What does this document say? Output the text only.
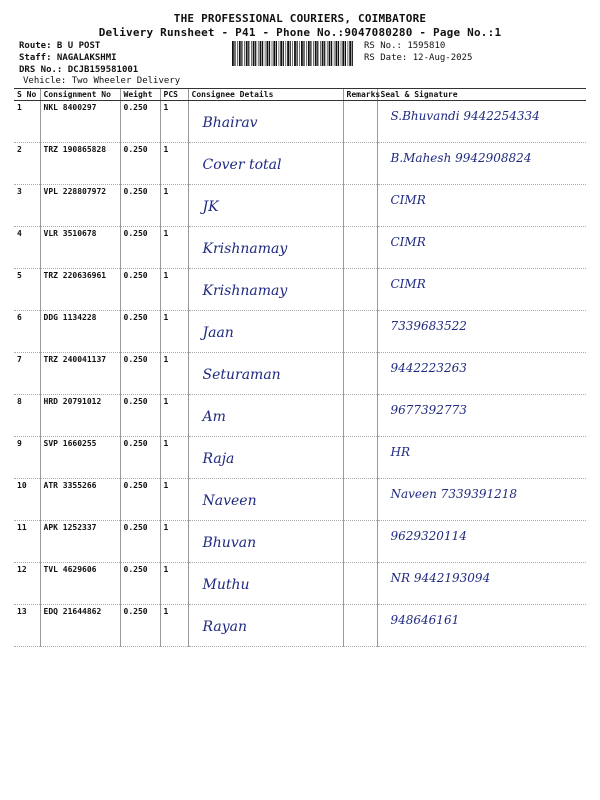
THE PROFESSIONAL COURIERS, COIMBATORE
Delivery Runsheet - P41 - Phone No.:9047080280 - Page No.:1
Route: B U POST
Staff: NAGALAKSHMI
DRS No.: DCJB159581001
Vehicle: Two Wheeler Delivery
RS No.: 1595810
RS Date: 12-Aug-2025
S No	Consignment No	Weight	PCS	Consignee Details	Remarks	Seal & Signature
1	NKL 8400297	0.250	1	Bhairav		S.Bhuvandi 9442254334

2	TRZ 190865828	0.250	1	Cover total		B.Mahesh 9942908824

3	VPL 228807972	0.250	1	JK		CIMR

4	VLR 3510678	0.250	1	Krishnamay		CIMR

5	TRZ 220636961	0.250	1	Krishnamay		CIMR

6	DDG 1134228	0.250	1	Jaan		7339683522

7	TRZ 240041137	0.250	1	Seturaman		9442223263

8	HRD 20791012	0.250	1	Am		9677392773

9	SVP 1660255	0.250	1	Raja		HR

10	ATR 3355266	0.250	1	Naveen		Naveen 7339391218

11	APK 1252337	0.250	1	Bhuvan		9629320114

12	TVL 4629606	0.250	1	Muthu		NR 9442193094

13	EDQ 21644862	0.250	1	Rayan		948646161
